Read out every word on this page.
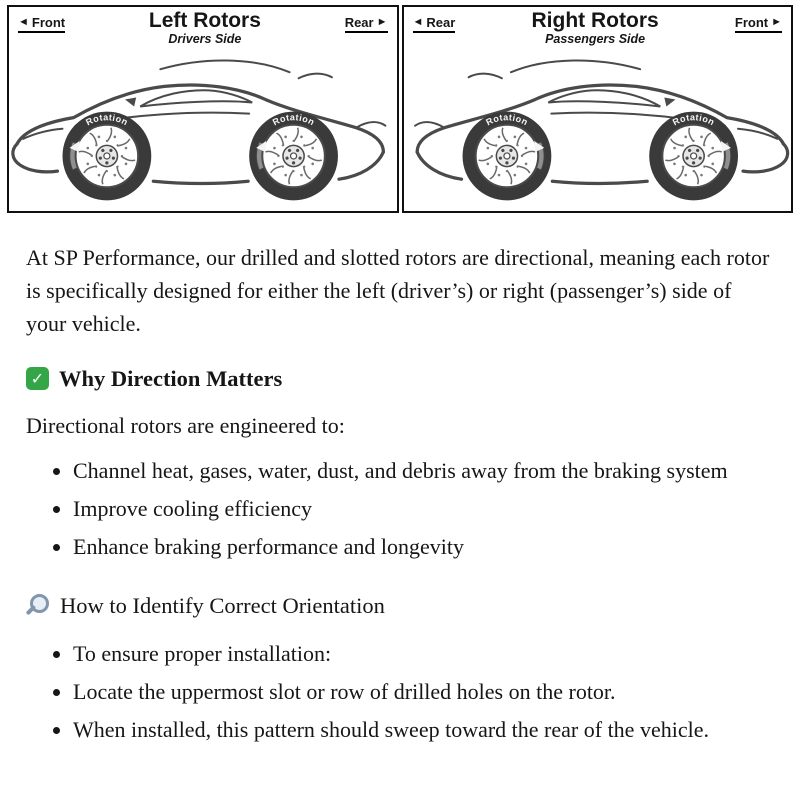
◄ Front	Left Rotors
Drivers Side
Rear ►
Rotation	Rotation
◄ Rear	Right Rotors
Passengers Side
Front ►
Rotation
Rotation

At SP Performance, our drilled and slotted rotors are directional, meaning each rotor is specifically designed for either the left (driver’s) or right (passenger’s) side of your vehicle.

✓ Why Direction Matters

Directional rotors are engineered to:

• Channel heat, gases, water, dust, and debris away from the braking system
• Improve cooling efficiency
• Enhance braking performance and longevity
How to Identify Correct Orientation
• To ensure proper installation:
• Locate the uppermost slot or row of drilled holes on the rotor.
• When installed, this pattern should sweep toward the rear of the vehicle.
